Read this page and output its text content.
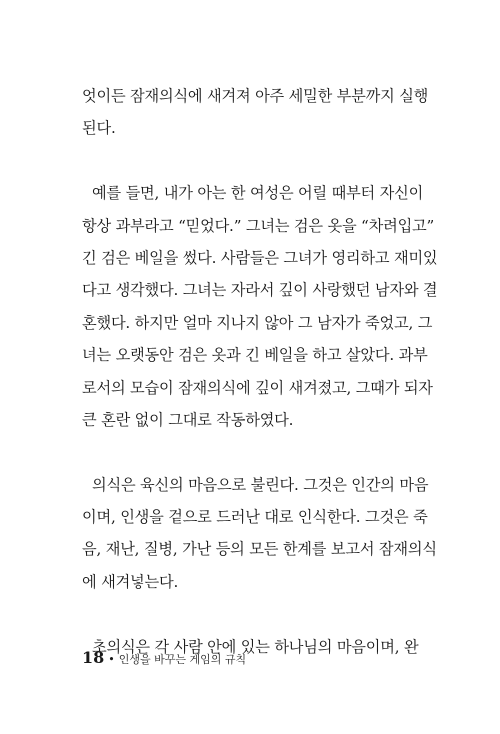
엇이든 잠재의식에 새겨져 아주 세밀한 부분까지 실행
된다.
예를 들면, 내가 아는 한 여성은 어릴 때부터 자신이
항상 과부라고 “믿었다.” 그녀는 검은 옷을 “차려입고”
긴 검은 베일을 썼다. 사람들은 그녀가 영리하고 재미있
다고 생각했다. 그녀는 자라서 깊이 사랑했던 남자와 결
혼했다. 하지만 얼마 지나지 않아 그 남자가 죽었고, 그
녀는 오랫동안 검은 옷과 긴 베일을 하고 살았다. 과부
로서의 모습이 잠재의식에 깊이 새겨졌고, 그때가 되자
큰 혼란 없이 그대로 작동하였다.
의식은 육신의 마음으로 불린다. 그것은 인간의 마음
이며, 인생을 겉으로 드러난 대로 인식한다. 그것은 죽
음, 재난, 질병, 가난 등의 모든 한계를 보고서 잠재의식
에 새겨넣는다.
초의식은 각 사람 안에 있는 하나님의 마음이며, 완
18 • 인생을 바꾸는 게임의 규칙
